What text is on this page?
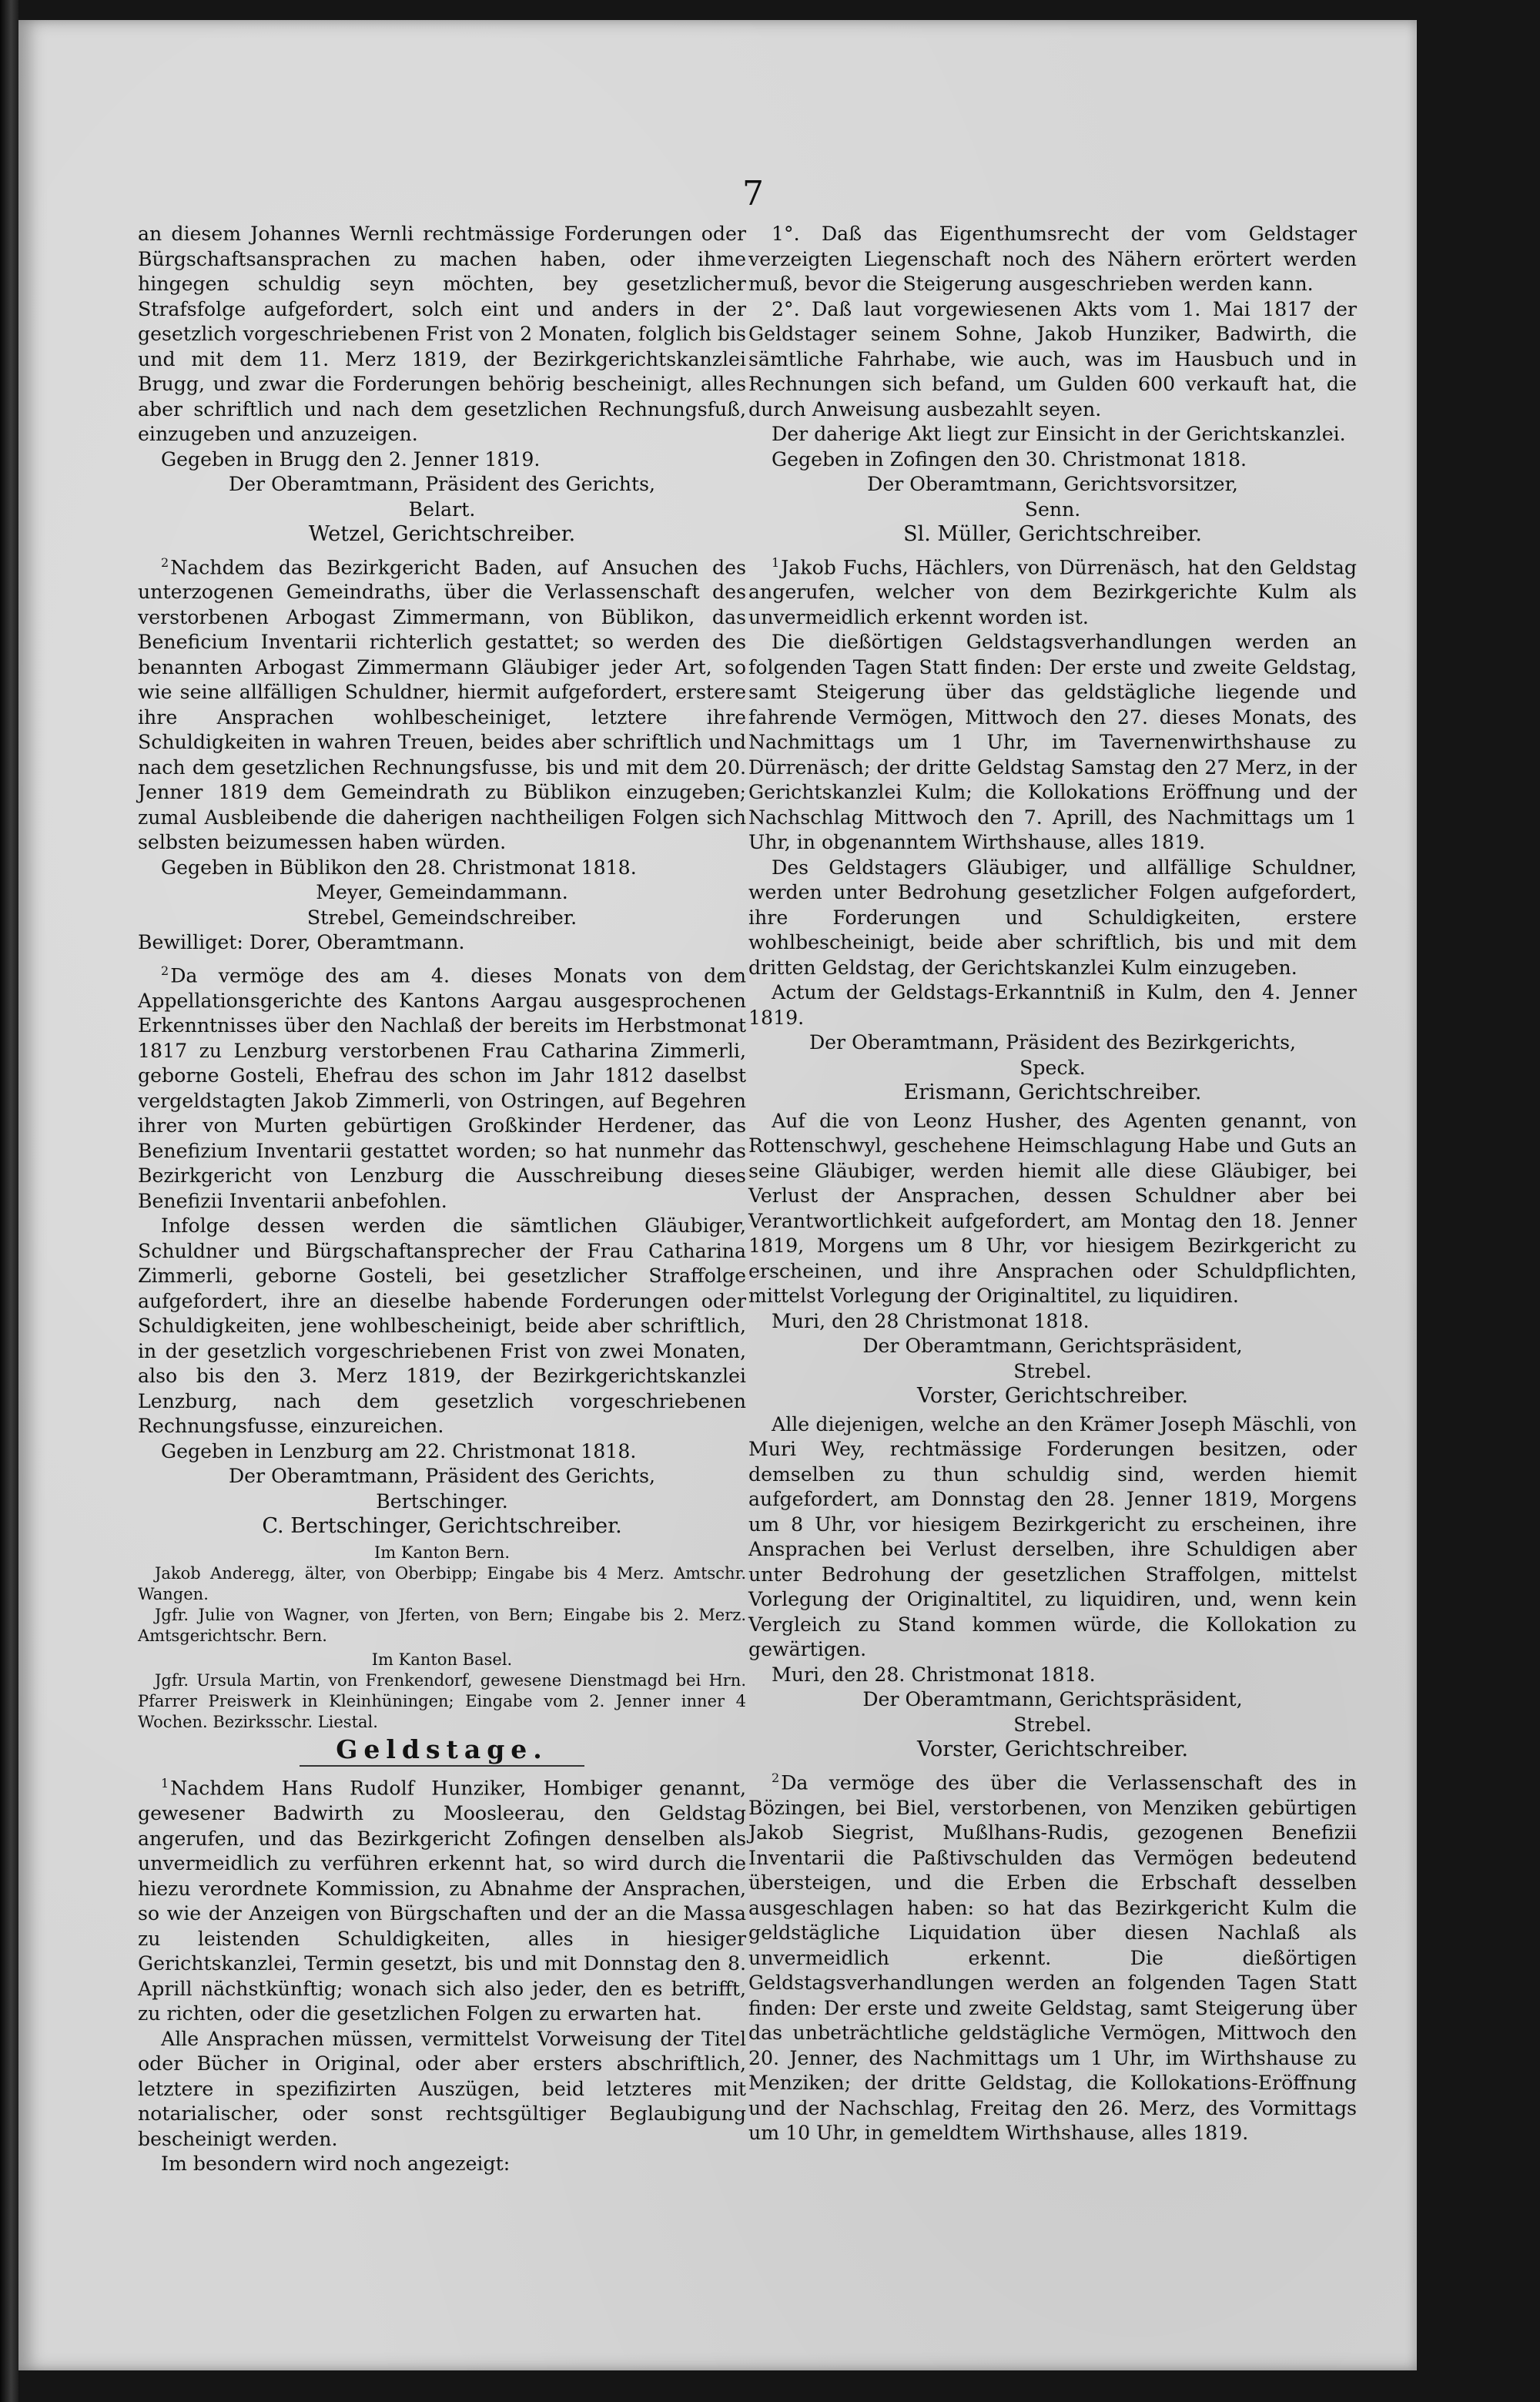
7

an diesem Johannes Wernli rechtmässige Forderungen oder Bürgschaftsansprachen zu machen haben, oder ihme hingegen schuldig seyn möchten, bey gesetzlicher Strafsfolge aufgefordert, solch eint und anders in der gesetzlich vorgeschriebenen Frist von 2 Monaten, folglich bis und mit dem 11. Merz 1819, der Bezirkgerichtskanzlei Brugg, und zwar die Forderungen behörig bescheinigt, alles aber schriftlich und nach dem gesetzlichen Rechnungsfuß, einzugeben und anzuzeigen.

Gegeben in Brugg den 2. Jenner 1819.

Der Oberamtmann, Präsident des Gerichts,

Belart.

Wetzel, Gerichtschreiber.

$^2$Nachdem das Bezirkgericht Baden, auf Ansuchen des unterzogenen Gemeindraths, über die Verlassenschaft des verstorbenen Arbogast Zimmermann, von Büblikon, das Beneficium Inventarii richterlich gestattet; so werden des benannten Arbogast Zimmermann Gläubiger jeder Art, so wie seine allfälligen Schuldner, hiermit aufgefordert, erstere ihre Ansprachen wohlbescheiniget, letztere ihre Schuldigkeiten in wahren Treuen, beides aber schriftlich und nach dem gesetzlichen Rechnungsfusse, bis und mit dem 20. Jenner 1819 dem Gemeindrath zu Büblikon einzugeben; zumal Ausbleibende die daherigen nachtheiligen Folgen sich selbsten beizumessen haben würden.

Gegeben in Büblikon den 28. Christmonat 1818.

Meyer, Gemeindammann.

Strebel, Gemeindschreiber.

Bewilliget: Dorer, Oberamtmann.

$^2$Da vermöge des am 4. dieses Monats von dem Appellationsgerichte des Kantons Aargau ausgesprochenen Erkenntnisses über den Nachlaß der bereits im Herbstmonat 1817 zu Lenzburg verstorbenen Frau Catharina Zimmerli, geborne Gosteli, Ehefrau des schon im Jahr 1812 daselbst vergeldstagten Jakob Zimmerli, von Ostringen, auf Begehren ihrer von Murten gebürtigen Großkinder Herdener, das Benefizium Inventarii gestattet worden; so hat nunmehr das Bezirkgericht von Lenzburg die Ausschreibung dieses Benefizii Inventarii anbefohlen.

Infolge dessen werden die sämtlichen Gläubiger, Schuldner und Bürgschaftansprecher der Frau Catharina Zimmerli, geborne Gosteli, bei gesetzlicher Straffolge aufgefordert, ihre an dieselbe habende Forderungen oder Schuldigkeiten, jene wohlbescheinigt, beide aber schriftlich, in der gesetzlich vorgeschriebenen Frist von zwei Monaten, also bis den 3. Merz 1819, der Bezirkgerichtskanzlei Lenzburg, nach dem gesetzlich vorgeschriebenen Rechnungsfusse, einzureichen.

Gegeben in Lenzburg am 22. Christmonat 1818.

Der Oberamtmann, Präsident des Gerichts,

Bertschinger.

C. Bertschinger, Gerichtschreiber.

Im Kanton Bern.

Jakob Anderegg, älter, von Oberbipp; Eingabe bis 4 Merz. Amtschr. Wangen.

Jgfr. Julie von Wagner, von Jferten, von Bern; Eingabe bis 2. Merz. Amtsgerichtschr. Bern.

Im Kanton Basel.

Jgfr. Ursula Martin, von Frenkendorf, gewesene Dienstmagd bei Hrn. Pfarrer Preiswerk in Kleinhüningen; Eingabe vom 2. Jenner inner 4 Wochen. Bezirksschr. Liestal.

Geldstage.

$^1$Nachdem Hans Rudolf Hunziker, Hombiger genannt, gewesener Badwirth zu Moosleerau, den Geldstag angerufen, und das Bezirkgericht Zofingen denselben als unvermeidlich zu verführen erkennt hat, so wird durch die hiezu verordnete Kommission, zu Abnahme der Ansprachen, so wie der Anzeigen von Bürgschaften und der an die Massa zu leistenden Schuldigkeiten, alles in hiesiger Gerichtskanzlei, Termin gesetzt, bis und mit Donnstag den 8. Aprill nächstkünftig; wonach sich also jeder, den es betrifft, zu richten, oder die gesetzlichen Folgen zu erwarten hat.

Alle Ansprachen müssen, vermittelst Vorweisung der Titel oder Bücher in Original, oder aber ersters abschriftlich, letztere in spezifizirten Auszügen, beid letzteres mit notarialischer, oder sonst rechtsgültiger Beglaubigung bescheinigt werden.

Im besondern wird noch angezeigt:

1°. Daß das Eigenthumsrecht der vom Geldstager verzeigten Liegenschaft noch des Nähern erörtert werden muß, bevor die Steigerung ausgeschrieben werden kann.

2°. Daß laut vorgewiesenen Akts vom 1. Mai 1817 der Geldstager seinem Sohne, Jakob Hunziker, Badwirth, die sämtliche Fahrhabe, wie auch, was im Hausbuch und in Rechnungen sich befand, um Gulden 600 verkauft hat, die durch Anweisung ausbezahlt seyen.

Der daherige Akt liegt zur Einsicht in der Gerichtskanzlei.

Gegeben in Zofingen den 30. Christmonat 1818.

Der Oberamtmann, Gerichtsvorsitzer,

Senn.

Sl. Müller, Gerichtschreiber.

$^1$Jakob Fuchs, Hächlers, von Dürrenäsch, hat den Geldstag angerufen, welcher von dem Bezirkgerichte Kulm als unvermeidlich erkennt worden ist.

Die dießörtigen Geldstagsverhandlungen werden an folgenden Tagen Statt finden: Der erste und zweite Geldstag, samt Steigerung über das geldstägliche liegende und fahrende Vermögen, Mittwoch den 27. dieses Monats, des Nachmittags um 1 Uhr, im Tavernenwirthshause zu Dürrenäsch; der dritte Geldstag Samstag den 27 Merz, in der Gerichtskanzlei Kulm; die Kollokations Eröffnung und der Nachschlag Mittwoch den 7. Aprill, des Nachmittags um 1 Uhr, in obgenanntem Wirthshause, alles 1819.

Des Geldstagers Gläubiger, und allfällige Schuldner, werden unter Bedrohung gesetzlicher Folgen aufgefordert, ihre Forderungen und Schuldigkeiten, erstere wohlbescheinigt, beide aber schriftlich, bis und mit dem dritten Geldstag, der Gerichtskanzlei Kulm einzugeben.

Actum der Geldstags-Erkanntniß in Kulm, den 4. Jenner 1819.

Der Oberamtmann, Präsident des Bezirkgerichts,

Speck.

Erismann, Gerichtschreiber.

Auf die von Leonz Husher, des Agenten genannt, von Rottenschwyl, geschehene Heimschlagung Habe und Guts an seine Gläubiger, werden hiemit alle diese Gläubiger, bei Verlust der Ansprachen, dessen Schuldner aber bei Verantwortlichkeit aufgefordert, am Montag den 18. Jenner 1819, Morgens um 8 Uhr, vor hiesigem Bezirkgericht zu erscheinen, und ihre Ansprachen oder Schuldpflichten, mittelst Vorlegung der Originaltitel, zu liquidiren.

Muri, den 28 Christmonat 1818.

Der Oberamtmann, Gerichtspräsident,

Strebel.

Vorster, Gerichtschreiber.

Alle diejenigen, welche an den Krämer Joseph Mäschli, von Muri Wey, rechtmässige Forderungen besitzen, oder demselben zu thun schuldig sind, werden hiemit aufgefordert, am Donnstag den 28. Jenner 1819, Morgens um 8 Uhr, vor hiesigem Bezirkgericht zu erscheinen, ihre Ansprachen bei Verlust derselben, ihre Schuldigen aber unter Bedrohung der gesetzlichen Straffolgen, mittelst Vorlegung der Originaltitel, zu liquidiren, und, wenn kein Vergleich zu Stand kommen würde, die Kollokation zu gewärtigen.

Muri, den 28. Christmonat 1818.

Der Oberamtmann, Gerichtspräsident,

Strebel.

Vorster, Gerichtschreiber.

$^2$Da vermöge des über die Verlassenschaft des in Bözingen, bei Biel, verstorbenen, von Menziken gebürtigen Jakob Siegrist, Mußlhans-Rudis, gezogenen Benefizii Inventarii die Paßtivschulden das Vermögen bedeutend übersteigen, und die Erben die Erbschaft desselben ausgeschlagen haben: so hat das Bezirkgericht Kulm die geldstägliche Liquidation über diesen Nachlaß als unvermeidlich erkennt. Die dießörtigen Geldstagsverhandlungen werden an folgenden Tagen Statt finden: Der erste und zweite Geldstag, samt Steigerung über das unbeträchtliche geldstägliche Vermögen, Mittwoch den 20. Jenner, des Nachmittags um 1 Uhr, im Wirthshause zu Menziken; der dritte Geldstag, die Kollokations-Eröffnung und der Nachschlag, Freitag den 26. Merz, des Vormittags um 10 Uhr, in gemeldtem Wirthshause, alles 1819.
